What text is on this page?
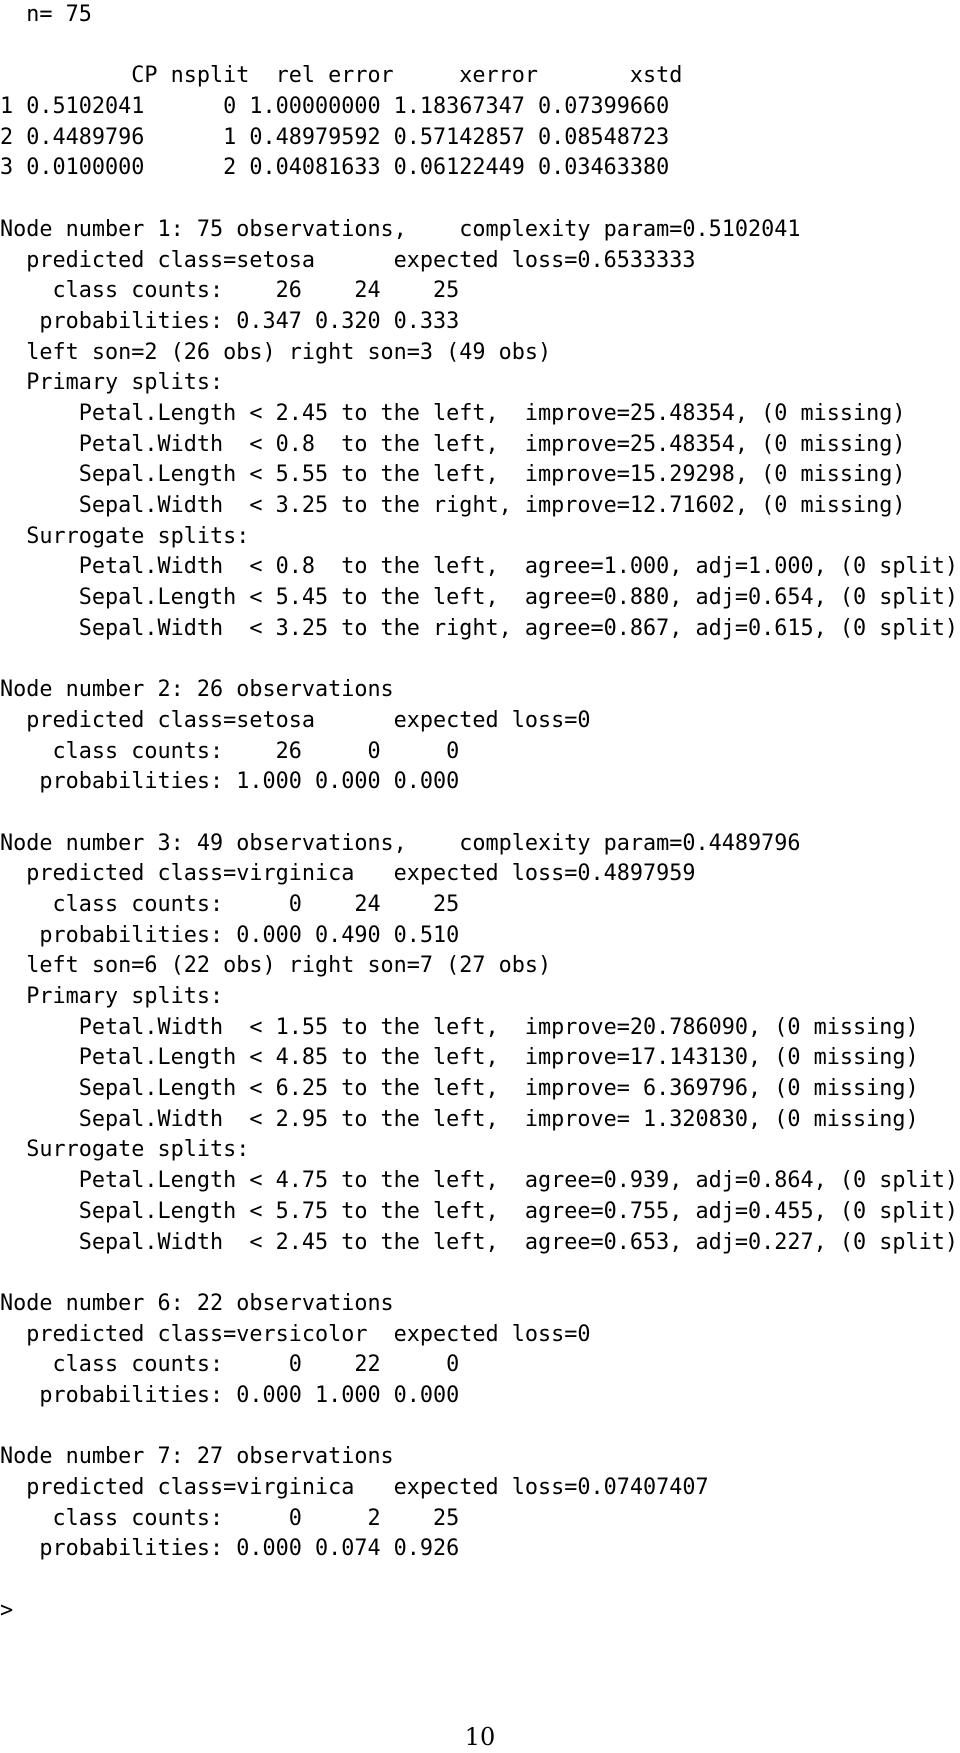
n= 75
CP nsplit  rel error     xerror       xstd
1 0.5102041      0 1.00000000 1.18367347 0.07399660
2 0.4489796      1 0.48979592 0.57142857 0.08548723
3 0.0100000      2 0.04081633 0.06122449 0.03463380
Node number 1: 75 observations,    complexity param=0.5102041
predicted class=setosa      expected loss=0.6533333
class counts:    26    24    25
probabilities: 0.347 0.320 0.333
left son=2 (26 obs) right son=3 (49 obs)
Primary splits:
Petal.Length < 2.45 to the left,  improve=25.48354, (0 missing)
Petal.Width  < 0.8  to the left,  improve=25.48354, (0 missing)
Sepal.Length < 5.55 to the left,  improve=15.29298, (0 missing)
Sepal.Width  < 3.25 to the right, improve=12.71602, (0 missing)
Surrogate splits:
Petal.Width  < 0.8  to the left,  agree=1.000, adj=1.000, (0 split)
Sepal.Length < 5.45 to the left,  agree=0.880, adj=0.654, (0 split)
Sepal.Width  < 3.25 to the right, agree=0.867, adj=0.615, (0 split)
Node number 2: 26 observations
predicted class=setosa      expected loss=0
class counts:    26     0     0
probabilities: 1.000 0.000 0.000
Node number 3: 49 observations,    complexity param=0.4489796
predicted class=virginica   expected loss=0.4897959
class counts:     0    24    25
probabilities: 0.000 0.490 0.510
left son=6 (22 obs) right son=7 (27 obs)
Primary splits:
Petal.Width  < 1.55 to the left,  improve=20.786090, (0 missing)
Petal.Length < 4.85 to the left,  improve=17.143130, (0 missing)
Sepal.Length < 6.25 to the left,  improve= 6.369796, (0 missing)
Sepal.Width  < 2.95 to the left,  improve= 1.320830, (0 missing)
Surrogate splits:
Petal.Length < 4.75 to the left,  agree=0.939, adj=0.864, (0 split)
Sepal.Length < 5.75 to the left,  agree=0.755, adj=0.455, (0 split)
Sepal.Width  < 2.45 to the left,  agree=0.653, adj=0.227, (0 split)
Node number 6: 22 observations
predicted class=versicolor  expected loss=0
class counts:     0    22     0
probabilities: 0.000 1.000 0.000
Node number 7: 27 observations
predicted class=virginica   expected loss=0.07407407
class counts:     0     2    25
probabilities: 0.000 0.074 0.926
>
10
